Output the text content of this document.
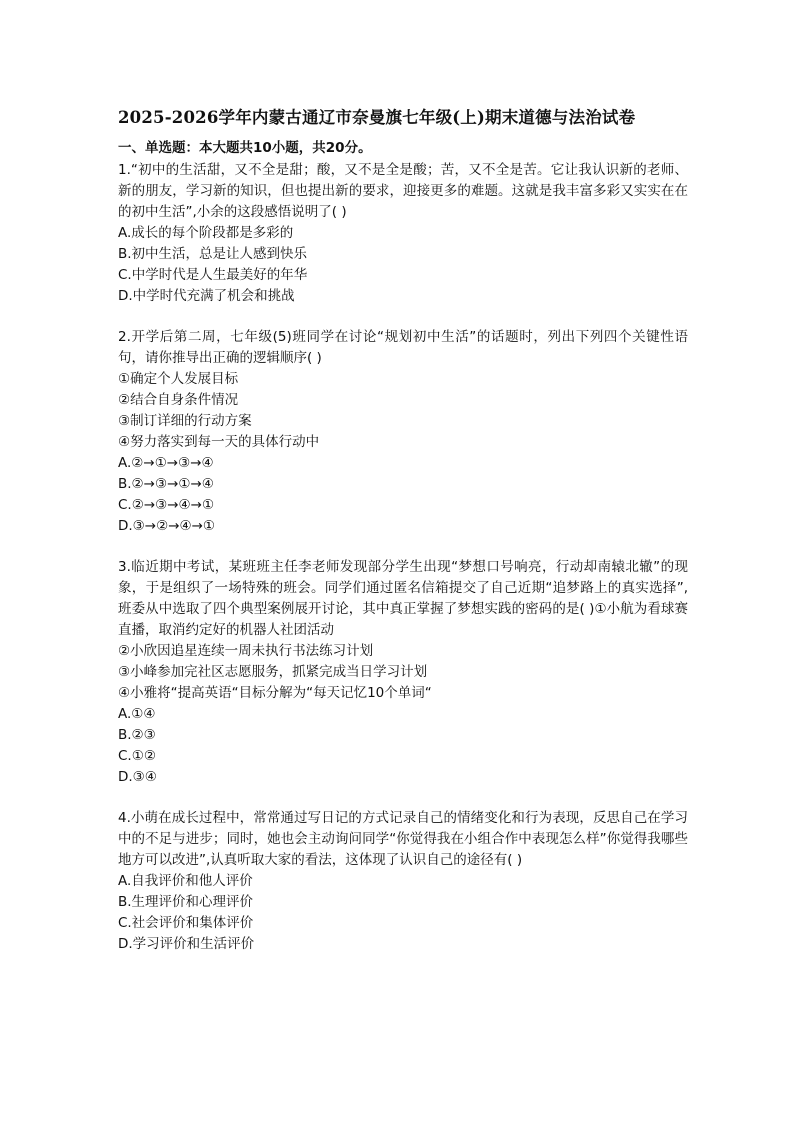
2025-2026学年内蒙古通辽市奈曼旗七年级(上)期末道德与法治试卷
一、单选题：本大题共10小题，共20分。

1.“初中的生活甜，又不全是甜；酸，又不是全是酸；苦，又不全是苦。它让我认识新的老师、新的朋友，学习新的知识，但也提出新的要求，迎接更多的难题。这就是我丰富多彩又实实在在的初中生活”,小余的这段感悟说明了( )

A.成长的每个阶段都是多彩的
B.初中生活，总是让人感到快乐
C.中学时代是人生最美好的年华
D.中学时代充满了机会和挑战

2.开学后第二周，七年级(5)班同学在讨论“规划初中生活”的话题时，列出下列四个关键性语句，请你推导出正确的逻辑顺序( )

①确定个人发展目标
②结合自身条件情况
③制订详细的行动方案
④努力落实到每一天的具体行动中
A.②→①→③→④
B.②→③→①→④
C.②→③→④→①
D.③→②→④→①

3.临近期中考试，某班班主任李老师发现部分学生出现“梦想口号响亮，行动却南辕北辙”的现象，于是组织了一场特殊的班会。同学们通过匿名信箱提交了自己近期“追梦路上的真实选择”,班委从中选取了四个典型案例展开讨论，其中真正掌握了梦想实践的密码的是( )①小航为看球赛直播，取消约定好的机器人社团活动

②小欣因追星连续一周未执行书法练习计划
③小峰参加完社区志愿服务，抓紧完成当日学习计划
④小雅将“提高英语“目标分解为“每天记忆10个单词“
A.①④
B.②③
C.①②
D.③④

4.小萌在成长过程中，常常通过写日记的方式记录自己的情绪变化和行为表现，反思自己在学习中的不足与进步；同时，她也会主动询问同学“你觉得我在小组合作中表现怎么样”你觉得我哪些地方可以改进”,认真听取大家的看法，这体现了认识自己的途径有( )

A.自我评价和他人评价
B.生理评价和心理评价
C.社会评价和集体评价
D.学习评价和生活评价
